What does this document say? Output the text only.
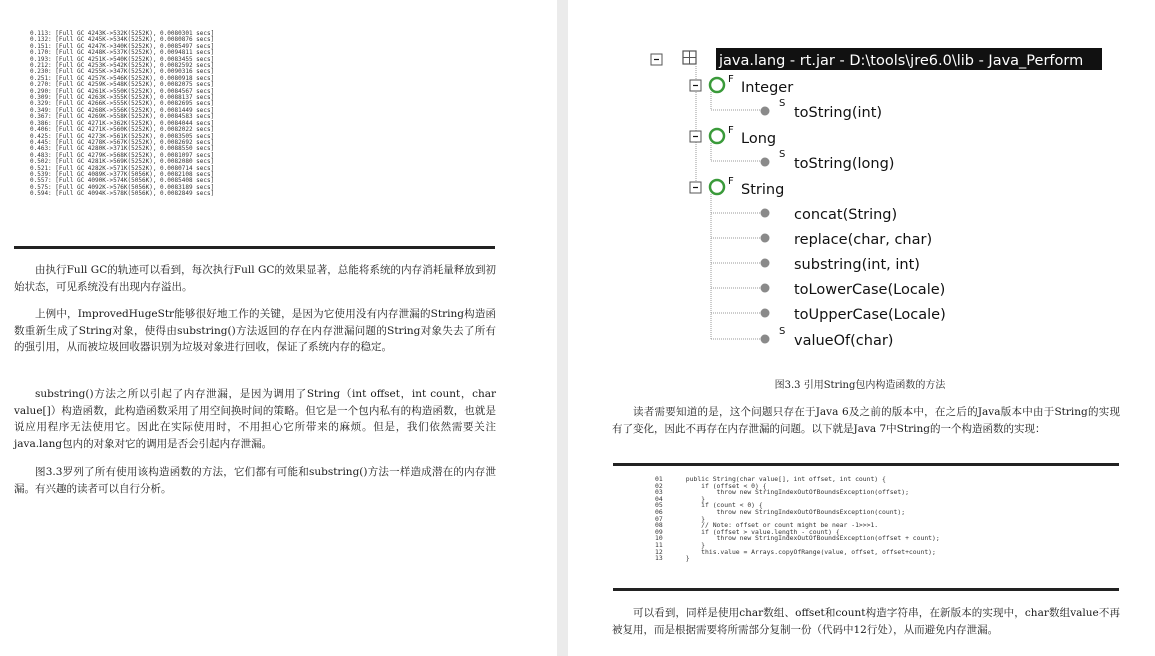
0.113: [Full GC 4243K->532K(5252K), 0.0080301 secs]
0.132: [Full GC 4245K->534K(5252K), 0.0080876 secs]
0.151: [Full GC 4247K->340K(5252K), 0.0085497 secs]
0.170: [Full GC 4248K->537K(5252K), 0.0094811 secs]
0.193: [Full GC 4251K->540K(5252K), 0.0083455 secs]
0.212: [Full GC 4253K->542K(5252K), 0.0082592 secs]
0.230: [Full GC 4255K->347K(5252K), 0.0090316 secs]
0.251: [Full GC 4257K->546K(5252K), 0.0080918 secs]
0.270: [Full GC 4259K->548K(5252K), 0.0082075 secs]
0.290: [Full GC 4261K->550K(5252K), 0.0084567 secs]
0.309: [Full GC 4263K->355K(5252K), 0.0088137 secs]
0.329: [Full GC 4266K->555K(5252K), 0.0082695 secs]
0.349: [Full GC 4268K->556K(5252K), 0.0081449 secs]
0.367: [Full GC 4269K->558K(5252K), 0.0084583 secs]
0.386: [Full GC 4271K->362K(5252K), 0.0084044 secs]
0.406: [Full GC 4271K->560K(5252K), 0.0082022 secs]
0.425: [Full GC 4273K->561K(5252K), 0.0083505 secs]
0.445: [Full GC 4278K->567K(5252K), 0.0082692 secs]
0.463: [Full GC 4280K->371K(5252K), 0.0088550 secs]
0.483: [Full GC 4279K->568K(5252K), 0.0081097 secs]
0.502: [Full GC 4281K->569K(5252K), 0.0082080 secs]
0.521: [Full GC 4282K->571K(5252K), 0.0080714 secs]
0.539: [Full GC 4089K->377K(5056K), 0.0082108 secs]
0.557: [Full GC 4090K->574K(5056K), 0.0085408 secs]
0.575: [Full GC 4092K->576K(5056K), 0.0083189 secs]
0.594: [Full GC 4094K->578K(5056K), 0.0082849 secs]

由执行Full GC的轨迹可以看到，每次执行Full GC的效果显著，总能将系统的内存消耗量释放到初始状态，可见系统没有出现内存溢出。

上例中，ImprovedHugeStr能够很好地工作的关键，是因为它使用没有内存泄漏的String构造函数重新生成了String对象，使得由substring()方法返回的存在内存泄漏问题的String对象失去了所有的强引用，从而被垃圾回收器识别为垃圾对象进行回收，保证了系统内存的稳定。

substring()方法之所以引起了内存泄漏，是因为调用了String（int offset，int count，char value[]）构造函数，此构造函数采用了用空间换时间的策略。但它是一个包内私有的构造函数，也就是说应用程序无法使用它。因此在实际使用时，不用担心它所带来的麻烦。但是，我们依然需要关注java.lang包内的对象对它的调用是否会引起内存泄漏。

图3.3罗列了所有使用该构造函数的方法，它们都有可能和substring()方法一样造成潜在的内存泄漏。有兴趣的读者可以自行分析。

java.lang - rt.jar - D:\tools\jre6.0\lib - Java_Perform
F
Integer
S
toString(int)
F
Long
S
toString(long)
F
String
concat(String)
replace(char, char)
substring(int, int)
toLowerCase(Locale)
toUpperCase(Locale)
S
valueOf(char)
图3.3 引用String包内构造函数的方法

读者需要知道的是，这个问题只存在于Java 6及之前的版本中，在之后的Java版本中由于String的实现有了变化，因此不再存在内存泄漏的问题。以下就是Java 7中String的一个构造函数的实现：

01      public String(char value[], int offset, int count) {
02          if (offset < 0) {
03              throw new StringIndexOutOfBoundsException(offset);
04          }
05          if (count < 0) {
06              throw new StringIndexOutOfBoundsException(count);
07          }
08          // Note: offset or count might be near -1>>>1.
09          if (offset > value.length - count) {
10              throw new StringIndexOutOfBoundsException(offset + count);
11          }
12          this.value = Arrays.copyOfRange(value, offset, offset+count);
13      }

可以看到，同样是使用char数组、offset和count构造字符串，在新版本的实现中，char数组value不再被复用，而是根据需要将所需部分复制一份（代码中12行处），从而避免内存泄漏。
